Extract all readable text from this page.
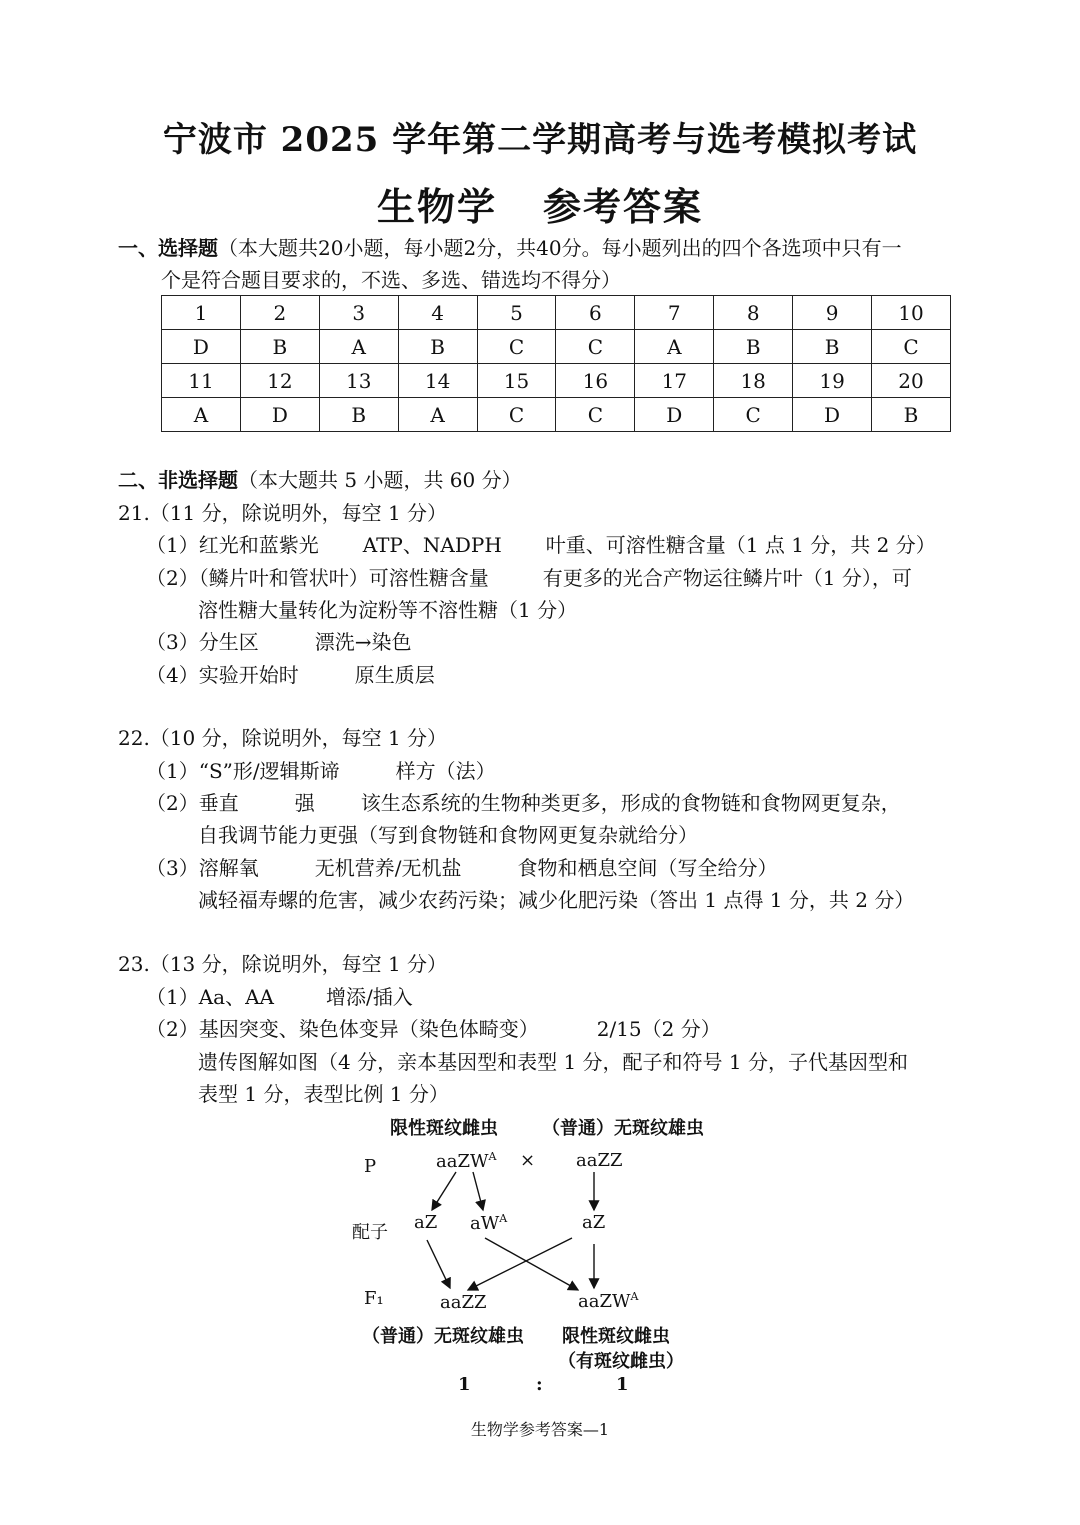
宁波市 2025 学年第二学期高考与选考模拟考试
生物学 参考答案
一、选择题（本大题共20小题，每小题2分，共40分。每小题列出的四个各选项中只有一
个是符合题目要求的，不选、多选、错选均不得分）
1	2	3	4	5	6	7	8	9	10
D	B	A	B	C	C	A	B	B	C
11	12	13	14	15	16	17	18	19	20
A	D	B	A	C	C	D	C	D	B
二、非选择题（本大题共 5 小题，共 60 分）
21.（11 分，除说明外，每空 1 分）
（1）红光和蓝紫光 ATP、NADPH 叶重、可溶性糖含量（1 点 1 分，共 2 分）
（2）（鳞片叶和管状叶）可溶性糖含量	有更多的光合产物运往鳞片叶（1 分），可
溶性糖大量转化为淀粉等不溶性糖（1 分）
（3）分生区	漂洗→染色
（4）实验开始时	原生质层
22.（10 分，除说明外，每空 1 分）
（1）“S”形/逻辑斯谛	样方（法）
（2）垂直	强 该生态系统的生物种类更多，形成的食物链和食物网更复杂，
自我调节能力更强（写到食物链和食物网更复杂就给分）
（3）溶解氧	无机营养/无机盐	食物和栖息空间（写全给分）
减轻福寿螺的危害，减少农药污染；减少化肥污染（答出 1 点得 1 分，共 2 分）
23.（13 分，除说明外，每空 1 分）
（1）Aa、AA	增添/插入
（2）基因突变、染色体变异（染色体畸变）	2/15（2 分）
遗传图解如图（4 分，亲本基因型和表型 1 分，配子和符号 1 分，子代基因型和
表型 1 分，表型比例 1 分）
限性斑纹雌虫 （普通）无斑纹雄虫
P	aaZW$^A$ × aaZZ
配子 aZ $aW^A$	aZ
F₁	aaZZ	aaZW$^A$
（普通）无斑纹雄虫 限性斑纹雌虫
（有斑纹雌虫）
1	:	1
生物学参考答案—1
